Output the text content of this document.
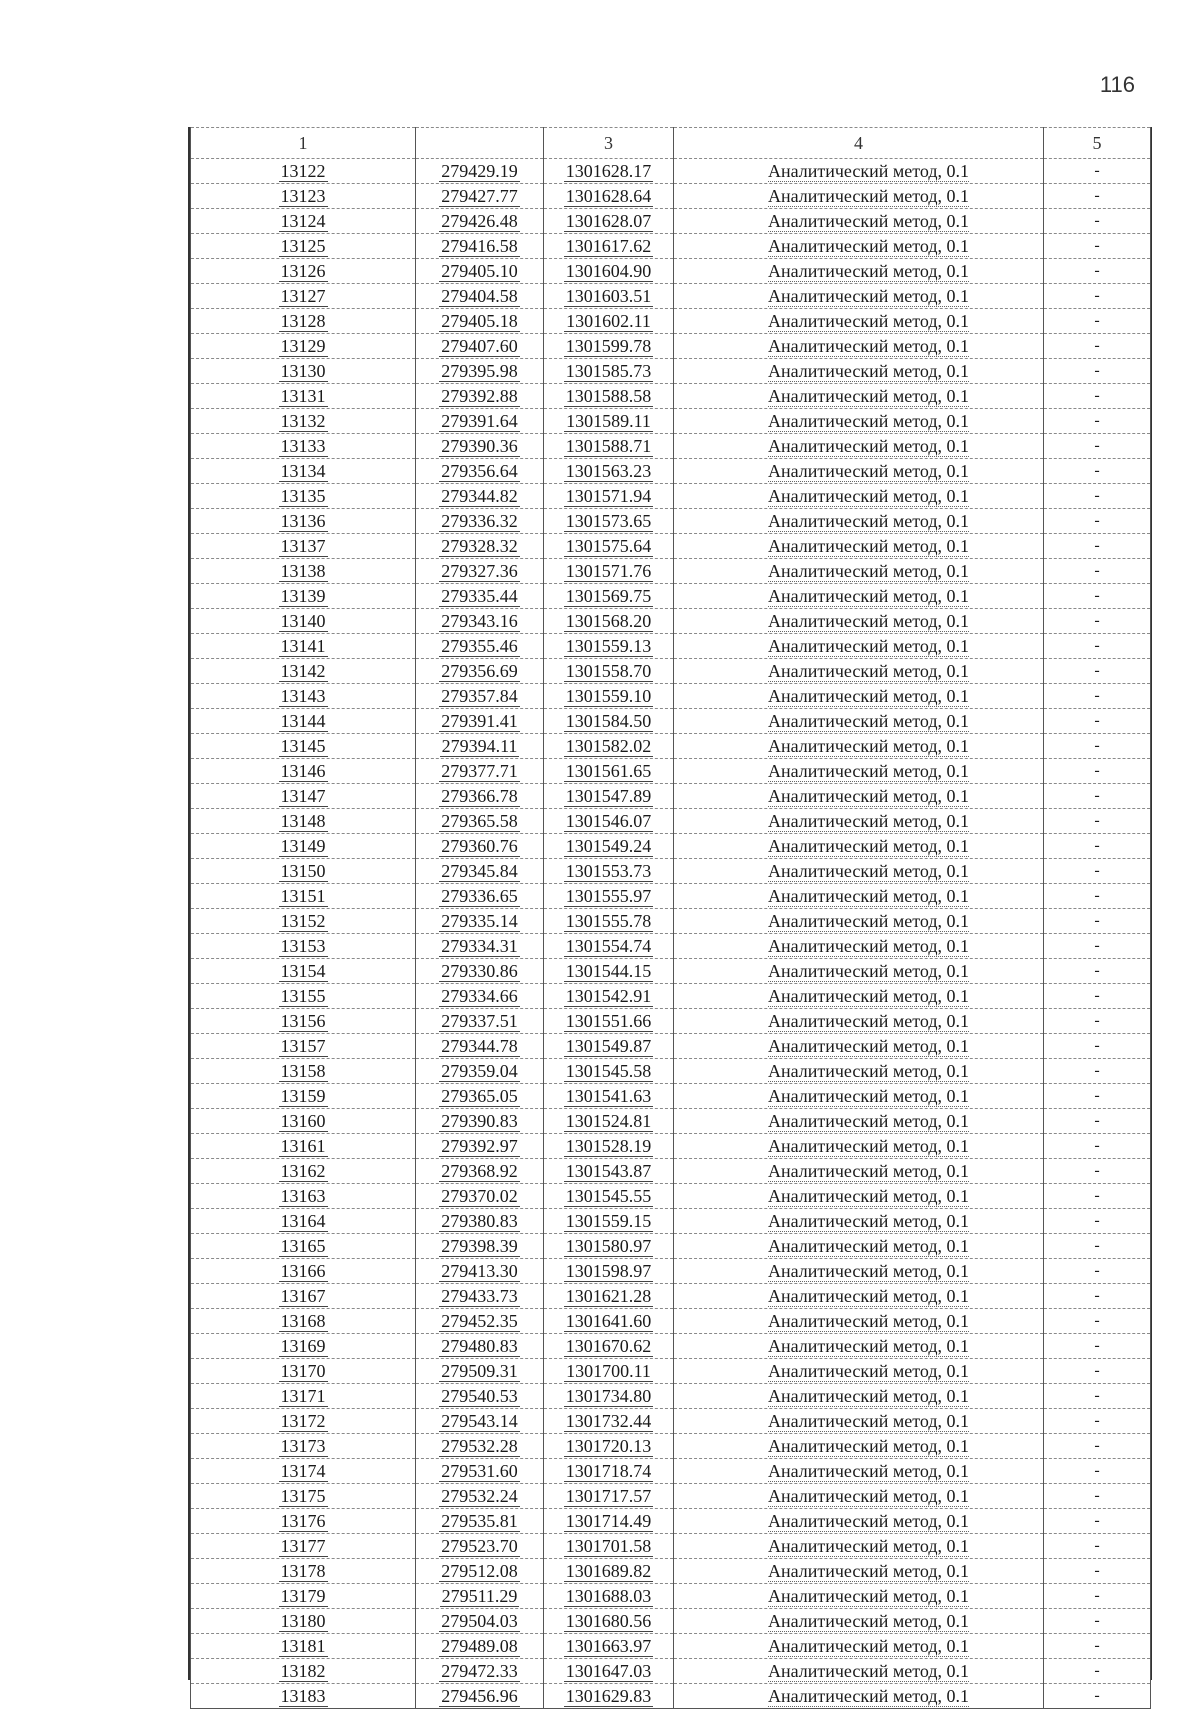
116
1		3	4	5
13122	279429.19	1301628.17	Аналитический метод, 0.1	-
13123	279427.77	1301628.64	Аналитический метод, 0.1	-
13124	279426.48	1301628.07	Аналитический метод, 0.1	-
13125	279416.58	1301617.62	Аналитический метод, 0.1	-
13126	279405.10	1301604.90	Аналитический метод, 0.1	-
13127	279404.58	1301603.51	Аналитический метод, 0.1	-
13128	279405.18	1301602.11	Аналитический метод, 0.1	-
13129	279407.60	1301599.78	Аналитический метод, 0.1	-
13130	279395.98	1301585.73	Аналитический метод, 0.1	-
13131	279392.88	1301588.58	Аналитический метод, 0.1	-
13132	279391.64	1301589.11	Аналитический метод, 0.1	-
13133	279390.36	1301588.71	Аналитический метод, 0.1	-
13134	279356.64	1301563.23	Аналитический метод, 0.1	-
13135	279344.82	1301571.94	Аналитический метод, 0.1	-
13136	279336.32	1301573.65	Аналитический метод, 0.1	-
13137	279328.32	1301575.64	Аналитический метод, 0.1	-
13138	279327.36	1301571.76	Аналитический метод, 0.1	-
13139	279335.44	1301569.75	Аналитический метод, 0.1	-
13140	279343.16	1301568.20	Аналитический метод, 0.1	-
13141	279355.46	1301559.13	Аналитический метод, 0.1	-
13142	279356.69	1301558.70	Аналитический метод, 0.1	-
13143	279357.84	1301559.10	Аналитический метод, 0.1	-
13144	279391.41	1301584.50	Аналитический метод, 0.1	-
13145	279394.11	1301582.02	Аналитический метод, 0.1	-
13146	279377.71	1301561.65	Аналитический метод, 0.1	-
13147	279366.78	1301547.89	Аналитический метод, 0.1	-
13148	279365.58	1301546.07	Аналитический метод, 0.1	-
13149	279360.76	1301549.24	Аналитический метод, 0.1	-
13150	279345.84	1301553.73	Аналитический метод, 0.1	-
13151	279336.65	1301555.97	Аналитический метод, 0.1	-
13152	279335.14	1301555.78	Аналитический метод, 0.1	-
13153	279334.31	1301554.74	Аналитический метод, 0.1	-
13154	279330.86	1301544.15	Аналитический метод, 0.1	-
13155	279334.66	1301542.91	Аналитический метод, 0.1	-
13156	279337.51	1301551.66	Аналитический метод, 0.1	-
13157	279344.78	1301549.87	Аналитический метод, 0.1	-
13158	279359.04	1301545.58	Аналитический метод, 0.1	-
13159	279365.05	1301541.63	Аналитический метод, 0.1	-
13160	279390.83	1301524.81	Аналитический метод, 0.1	-
13161	279392.97	1301528.19	Аналитический метод, 0.1	-
13162	279368.92	1301543.87	Аналитический метод, 0.1	-
13163	279370.02	1301545.55	Аналитический метод, 0.1	-
13164	279380.83	1301559.15	Аналитический метод, 0.1	-
13165	279398.39	1301580.97	Аналитический метод, 0.1	-
13166	279413.30	1301598.97	Аналитический метод, 0.1	-
13167	279433.73	1301621.28	Аналитический метод, 0.1	-
13168	279452.35	1301641.60	Аналитический метод, 0.1	-
13169	279480.83	1301670.62	Аналитический метод, 0.1	-
13170	279509.31	1301700.11	Аналитический метод, 0.1	-
13171	279540.53	1301734.80	Аналитический метод, 0.1	-
13172	279543.14	1301732.44	Аналитический метод, 0.1	-
13173	279532.28	1301720.13	Аналитический метод, 0.1	-
13174	279531.60	1301718.74	Аналитический метод, 0.1	-
13175	279532.24	1301717.57	Аналитический метод, 0.1	-
13176	279535.81	1301714.49	Аналитический метод, 0.1	-
13177	279523.70	1301701.58	Аналитический метод, 0.1	-
13178	279512.08	1301689.82	Аналитический метод, 0.1	-
13179	279511.29	1301688.03	Аналитический метод, 0.1	-
13180	279504.03	1301680.56	Аналитический метод, 0.1	-
13181	279489.08	1301663.97	Аналитический метод, 0.1	-
13182	279472.33	1301647.03	Аналитический метод, 0.1	-
13183	279456.96	1301629.83	Аналитический метод, 0.1	-
